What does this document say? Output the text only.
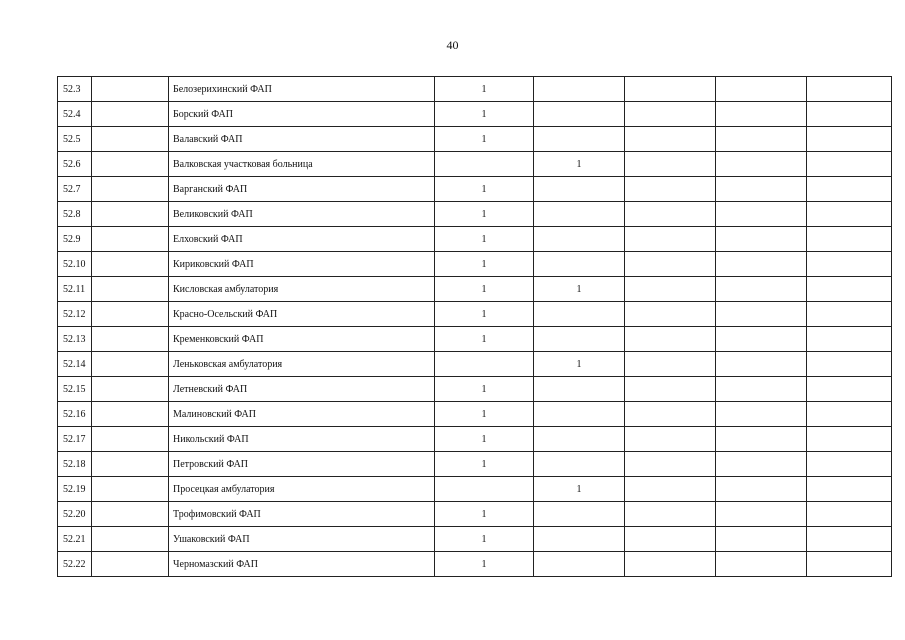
40
52.3		Белозерихинский ФАП	1				
52.4		Борский ФАП	1				
52.5		Валавский ФАП	1				
52.6		Валковская участковая больница		1			
52.7		Варганский ФАП	1				
52.8		Великовский ФАП	1				
52.9		Елховский ФАП	1				
52.10		Кириковский ФАП	1				
52.11		Кисловская амбулатория	1	1			
52.12		Красно-Осельский ФАП	1				
52.13		Кременковский ФАП	1				
52.14		Леньковская амбулатория		1			
52.15		Летневский ФАП	1				
52.16		Малиновский ФАП	1				
52.17		Никольский ФАП	1				
52.18		Петровский ФАП	1				
52.19		Просецкая амбулатория		1			
52.20		Трофимовский ФАП	1				
52.21		Ушаковский ФАП	1				
52.22		Черномазский ФАП	1				
